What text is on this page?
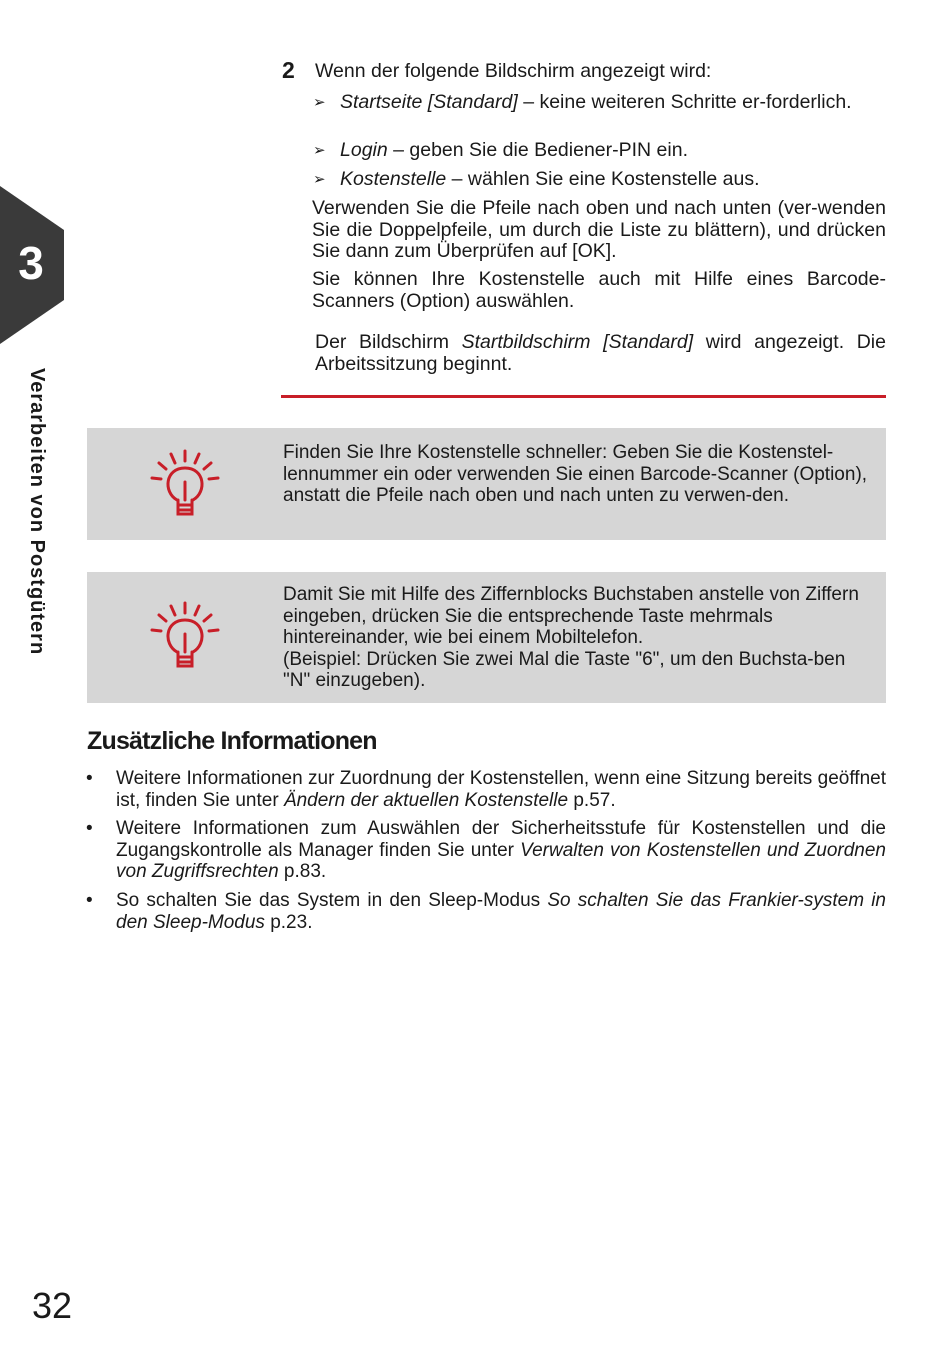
3
Verarbeiten von Postgütern
2 Wenn der folgende Bildschirm angezeigt wird:

➢ Startseite [Standard] – keine weiteren Schritte er-forderlich.

➢ Login – geben Sie die Bediener-PIN ein.

➢ Kostenstelle – wählen Sie eine Kostenstelle aus.

Verwenden Sie die Pfeile nach oben und nach unten (ver-wenden Sie die Doppelpfeile, um durch die Liste zu blättern), und drücken Sie dann zum Überprüfen auf [OK].

Sie können Ihre Kostenstelle auch mit Hilfe eines Barcode-Scanners (Option) auswählen.

Der Bildschirm Startbildschirm [Standard] wird angezeigt. Die Arbeitssitzung beginnt.

Finden Sie Ihre Kostenstelle schneller: Geben Sie die Kostenstel-lennummer ein oder verwenden Sie einen Barcode-Scanner (Option), anstatt die Pfeile nach oben und nach unten zu verwen-den.

Damit Sie mit Hilfe des Ziffernblocks Buchstaben anstelle von Ziffern eingeben, drücken Sie die entsprechende Taste mehrmals hintereinander, wie bei einem Mobiltelefon.
(Beispiel: Drücken Sie zwei Mal die Taste "6", um den Buchsta-ben "N" einzugeben).
Zusätzliche Informationen
• Weitere Informationen zur Zuordnung der Kostenstellen, wenn eine Sitzung bereits geöffnet ist, finden Sie unter Ändern der aktuellen Kostenstelle p.57.

• Weitere Informationen zum Auswählen der Sicherheitsstufe für Kostenstellen und die Zugangskontrolle als Manager finden Sie unter Verwalten von Kostenstellen und Zuordnen von Zugriffsrechten p.83.

• So schalten Sie das System in den Sleep-Modus So schalten Sie das Frankier-system in den Sleep-Modus p.23.

32
